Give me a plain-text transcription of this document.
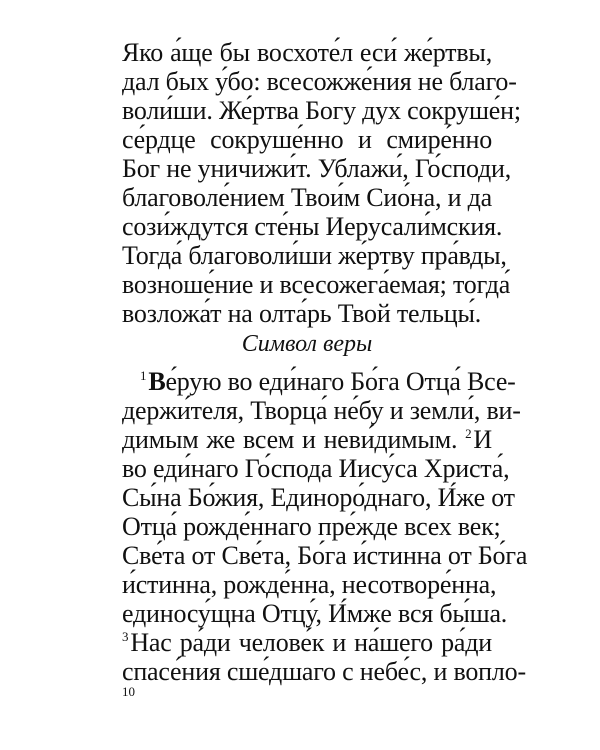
Яко а́ще бы восхоте́л еси́ же́ртвы,
дал бых у́бо: всесожже́ния не благо-
воли́ши. Же́ртва Богу дух сокруше́н;
се́рдце сокруше́нно и смире́нно
Бог не уничижи́т. Ублажи́, Го́споди,
благоволе́нием Твои́м Сио́на, и да
сози́ждутся сте́ны Иерусали́мския.
Тогда́ благоволи́ши же́ртву пра́вды,
возноше́ние и всесожега́емая; тогда́
возложа́т на олта́рь Твой тельцы́.
Символ веры
$^1$Ве́рую во еди́наго Бо́га Отца́ Все-
держи́теля, Творца́ не́бу и земли́, ви-
димым же всем и неви́димым. $^2$И
во еди́наго Го́спода Иису́са Христа́,
Сы́на Бо́жия, Единоро́днаго, И́же от
Отца́ рожде́ннаго пре́жде всех век;
Све́та от Све́та, Бо́га и́стинна от Бо́га
и́стинна, рожде́нна, несотворе́нна,
единосу́щна Отцу́, И́мже вся бы́ша.
$^3$Нас ра́ди челове́к и на́шего ра́ди
спасе́ния сше́дшаго с небе́с, и вопло-
10
